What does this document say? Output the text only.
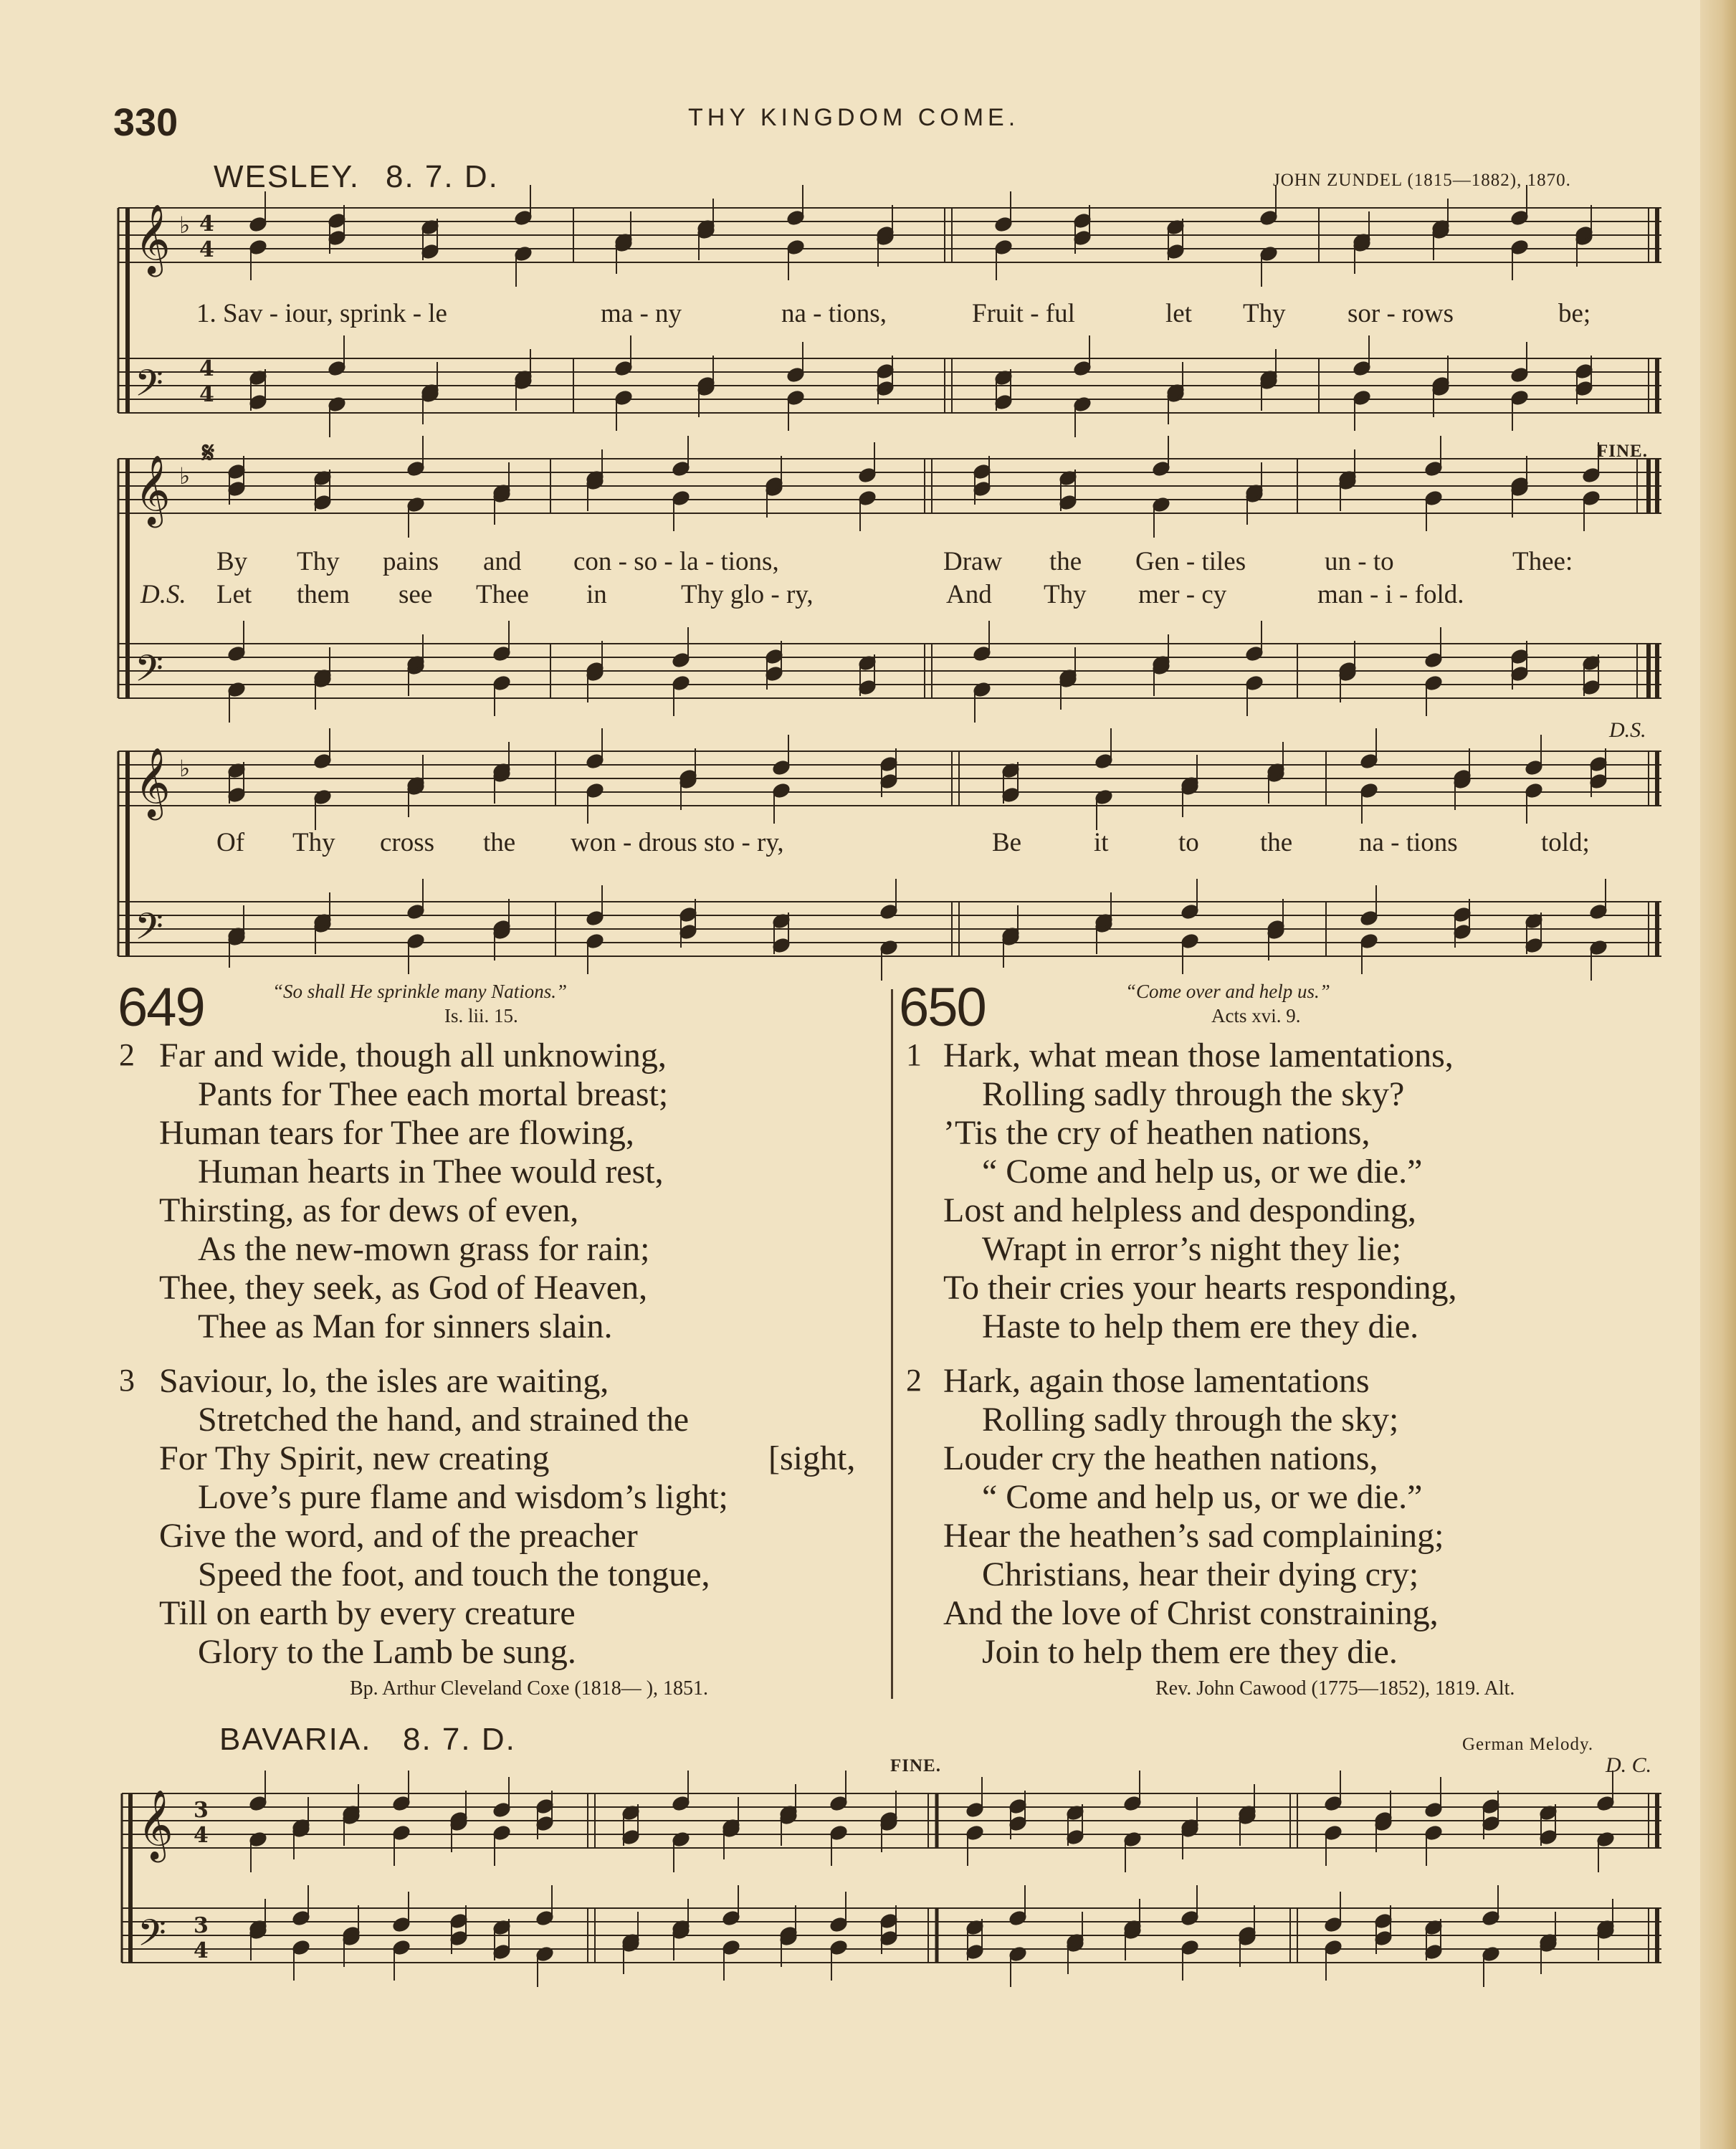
330	THY KINGDOM COME.
WESLEY. 8. 7. D.	JOHN ZUNDEL (1815—1882), 1870.
𝄞
𝄢
♭ 4
4
4
4
𝄞
𝄢
♭
𝄞
𝄢
♭
𝄞
𝄢
3
4
3
4
𝄋	FINE.
D.S.
1. Sav - iour, sprink - le	ma - ny	na - tions,	Fruit - ful	let Thy sor - rows	be;
By Thy pains and con - so - la - tions,	Draw the Gen - tiles	un - to	Thee:
D.S. Let them see Thee in	Thy glo - ry,	And Thy mer - cy	man - i - fold.
Of Thy cross the won - drous sto - ry,	Be	it	to the	na - tions	told;
649	“So shall He sprinkle many Nations.”
Is. lii. 15.
2 Far and wide, though all unknowing,
Pants for Thee each mortal breast;
Human tears for Thee are flowing,
Human hearts in Thee would rest,
Thirsting, as for dews of even,
As the new-mown grass for rain;
Thee, they seek, as God of Heaven,
Thee as Man for sinners slain.
3 Saviour, lo, the isles are waiting,
Stretched the hand, and strained the
For Thy Spirit, new creating
Love’s pure flame and wisdom’s light;
Give the word, and of the preacher
Speed the foot, and touch the tongue,
Till on earth by every creature
Glory to the Lamb be sung.
[sight,
Bp. Arthur Cleveland Coxe (1818— ), 1851.
650	“Come over and help us.”
Acts xvi. 9.
1 Hark, what mean those lamentations,
Rolling sadly through the sky?
’Tis the cry of heathen nations,
“ Come and help us, or we die.”
Lost and helpless and desponding,
Wrapt in error’s night they lie;
To their cries your hearts responding,
Haste to help them ere they die.
2 Hark, again those lamentations
Rolling sadly through the sky;
Louder cry the heathen nations,
“ Come and help us, or we die.”
Hear the heathen’s sad complaining;
Christians, hear their dying cry;
And the love of Christ constraining,
Join to help them ere they die.
Rev. John Cawood (1775—1852), 1819. Alt.
BAVARIA. 8. 7. D.	German Melody.
FINE.	D. C.
